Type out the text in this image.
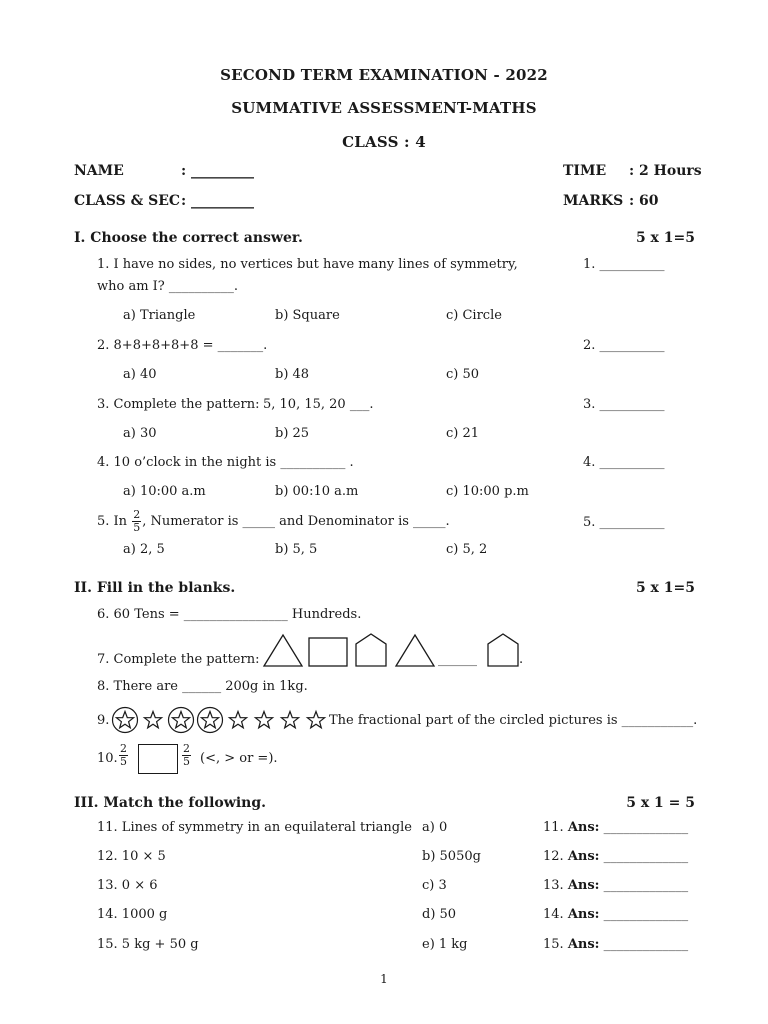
SECOND TERM EXAMINATION - 2022
SUMMATIVE ASSESSMENT-MATHS
CLASS : 4
NAME	: _________
CLASS & SEC : _________
TIME : 2 Hours
MARKS : 60
I. Choose the correct answer.	5 x 1=5
1. I have no sides, no vertices but have many lines of symmetry,
who am I? __________.
1. __________
a) Triangle	b) Square	c) Circle
2. 8+8+8+8+8 = _______.	2. __________
a) 40	b) 48	c) 50
3. Complete the pattern: 5, 10, 15, 20 ___.	3. __________
a) 30	b) 25	c) 21
4. 10 o’clock in the night is __________ .	4. __________
a) 10:00 a.m	b) 00:10 a.m	c) 10:00 p.m
5. In $\frac{2}{5}$ , Numerator is _____ and Denominator is _____.	5. __________
a) 2, 5	b) 5, 5	c) 5, 2
II. Fill in the blanks.	5 x 1=5
6. 60 Tens = ________________ Hundreds.
7. Complete the pattern:	______	.
8. There are ______ 200g in 1kg.
9.	The fractional part of the circled pictures is ___________.
10. $\frac{2}{5}$	$\frac{2}{5}$ (<, > or =).
III. Match the following.	5 x 1 = 5
11. Lines of symmetry in an equilateral triangle a) 0	11. Ans: _____________
12. 10 × 5	b) 5050g	12. Ans: _____________
13. 0 × 6	c) 3	13. Ans: _____________
14. 1000 g	d) 50	14. Ans: _____________
15. 5 kg + 50 g	e) 1 kg	15. Ans: _____________
1
